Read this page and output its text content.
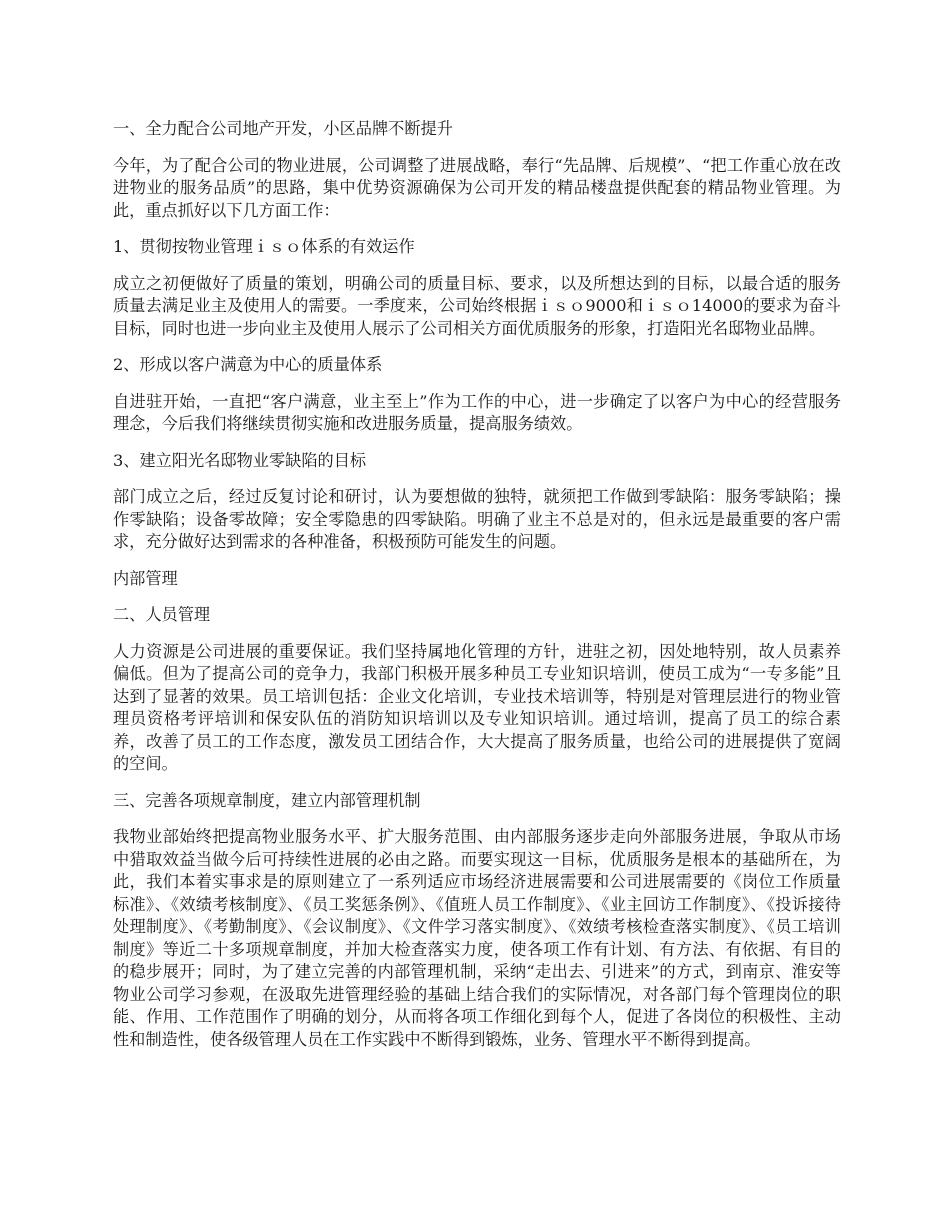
一、全力配合公司地产开发，小区品牌不断提升
今年，为了配合公司的物业进展，公司调整了进展战略，奉行“先品牌、后规模”、“把工作重心放在改进物业的服务品质”的思路，集中优势资源确保为公司开发的精品楼盘提供配套的精品物业管理。为此，重点抓好以下几方面工作：
1、贯彻按物业管理ｉｓｏ体系的有效运作
成立之初便做好了质量的策划，明确公司的质量目标、要求，以及所想达到的目标，以最合适的服务质量去满足业主及使用人的需要。一季度来，公司始终根据ｉｓｏ9000和ｉｓｏ14000的要求为奋斗目标，同时也进一步向业主及使用人展示了公司相关方面优质服务的形象，打造阳光名邸物业品牌。
2、形成以客户满意为中心的质量体系
自进驻开始，一直把“客户满意，业主至上”作为工作的中心，进一步确定了以客户为中心的经营服务理念，今后我们将继续贯彻实施和改进服务质量，提高服务绩效。
3、建立阳光名邸物业零缺陷的目标
部门成立之后，经过反复讨论和研讨，认为要想做的独特，就须把工作做到零缺陷：服务零缺陷；操作零缺陷；设备零故障；安全零隐患的四零缺陷。明确了业主不总是对的，但永远是最重要的客户需求，充分做好达到需求的各种准备，积极预防可能发生的问题。
内部管理
二、人员管理
人力资源是公司进展的重要保证。我们坚持属地化管理的方针，进驻之初，因处地特别，故人员素养偏低。但为了提高公司的竞争力，我部门积极开展多种员工专业知识培训，使员工成为“一专多能”且达到了显著的效果。员工培训包括：企业文化培训，专业技术培训等，特别是对管理层进行的物业管理员资格考评培训和保安队伍的消防知识培训以及专业知识培训。通过培训，提高了员工的综合素养，改善了员工的工作态度，激发员工团结合作，大大提高了服务质量，也给公司的进展提供了宽阔的空间。
三、完善各项规章制度，建立内部管理机制
我物业部始终把提高物业服务水平、扩大服务范围、由内部服务逐步走向外部服务进展，争取从市场中猎取效益当做今后可持续性进展的必由之路。而要实现这一目标，优质服务是根本的基础所在，为此，我们本着实事求是的原则建立了一系列适应市场经济进展需要和公司进展需要的《岗位工作质量标准》、《效绩考核制度》、《员工奖惩条例》、《值班人员工作制度》、《业主回访工作制度》、《投诉接待处理制度》、《考勤制度》、《会议制度》、《文件学习落实制度》、《效绩考核检查落实制度》、《员工培训制度》等近二十多项规章制度，并加大检查落实力度，使各项工作有计划、有方法、有依据、有目的的稳步展开；同时，为了建立完善的内部管理机制，采纳“走出去、引进来”的方式，到南京、淮安等物业公司学习参观，在汲取先进管理经验的基础上结合我们的实际情况，对各部门每个管理岗位的职能、作用、工作范围作了明确的划分，从而将各项工作细化到每个人，促进了各岗位的积极性、主动性和制造性，使各级管理人员在工作实践中不断得到锻炼，业务、管理水平不断得到提高。
